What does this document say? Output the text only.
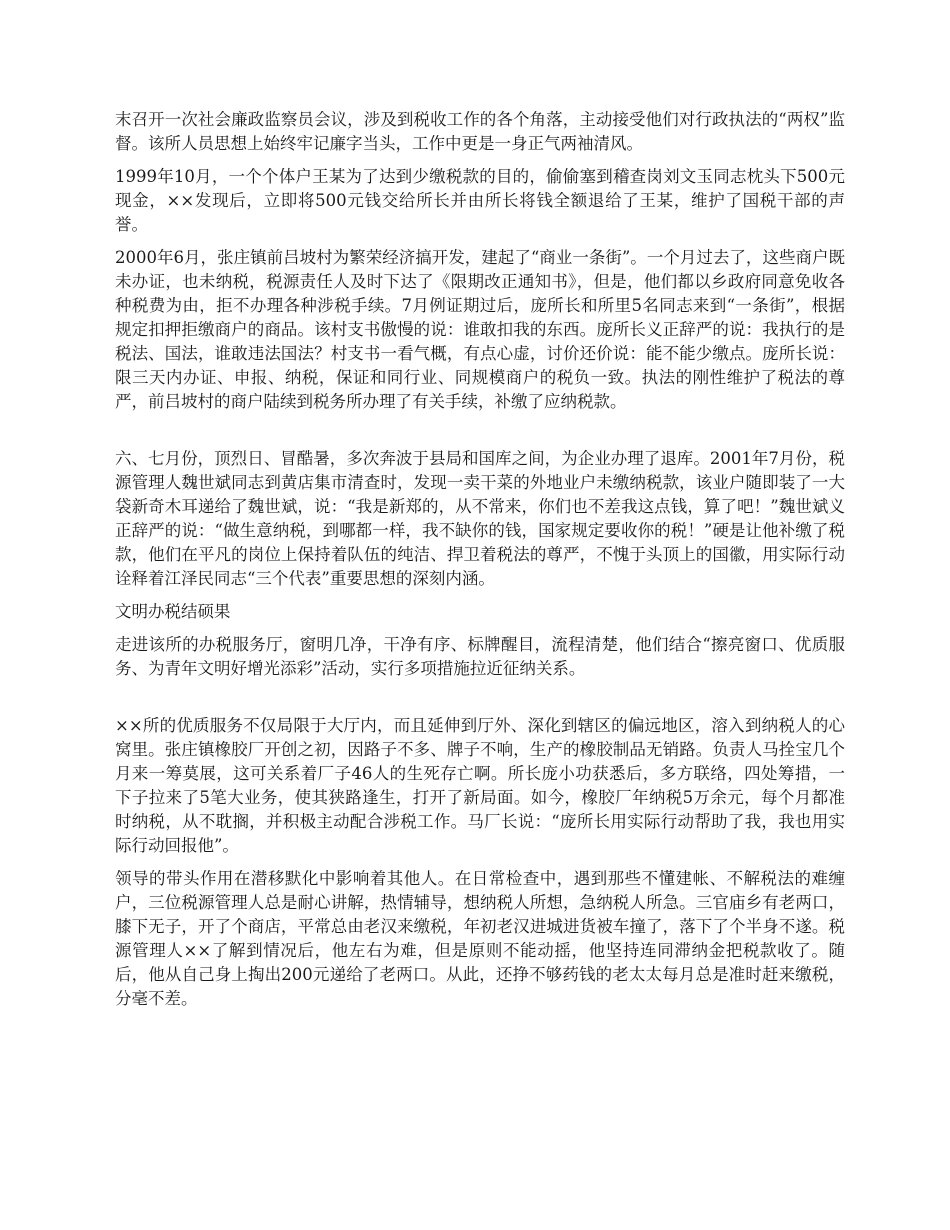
末召开一次社会廉政监察员会议，涉及到税收工作的各个角落，主动接受他们对行政执法的“两权”监督。该所人员思想上始终牢记廉字当头，工作中更是一身正气两袖清风。

1999年10月，一个个体户王某为了达到少缴税款的目的，偷偷塞到稽查岗刘文玉同志枕头下500元现金，××发现后，立即将500元钱交给所长并由所长将钱全额退给了王某，维护了国税干部的声誉。

2000年6月，张庄镇前吕坡村为繁荣经济搞开发，建起了“商业一条街”。一个月过去了，这些商户既未办证，也未纳税，税源责任人及时下达了《限期改正通知书》，但是，他们都以乡政府同意免收各种税费为由，拒不办理各种涉税手续。7月例证期过后，庞所长和所里5名同志来到“一条街”，根据规定扣押拒缴商户的商品。该村支书傲慢的说：谁敢扣我的东西。庞所长义正辞严的说：我执行的是税法、国法，谁敢违法国法？村支书一看气概，有点心虚，讨价还价说：能不能少缴点。庞所长说：限三天内办证、申报、纳税，保证和同行业、同规模商户的税负一致。执法的刚性维护了税法的尊严，前吕坡村的商户陆续到税务所办理了有关手续，补缴了应纳税款。

六、七月份，顶烈日、冒酷暑，多次奔波于县局和国库之间，为企业办理了退库。2001年7月份，税源管理人魏世斌同志到黄店集市清查时，发现一卖干菜的外地业户未缴纳税款，该业户随即装了一大袋新奇木耳递给了魏世斌，说：“我是新郑的，从不常来，你们也不差我这点钱，算了吧！”魏世斌义正辞严的说：“做生意纳税，到哪都一样，我不缺你的钱，国家规定要收你的税！”硬是让他补缴了税款，他们在平凡的岗位上保持着队伍的纯洁、捍卫着税法的尊严，不愧于头顶上的国徽，用实际行动诠释着江泽民同志“三个代表”重要思想的深刻内涵。

文明办税结硕果

走进该所的办税服务厅，窗明几净，干净有序、标牌醒目，流程清楚，他们结合“擦亮窗口、优质服务、为青年文明好增光添彩”活动，实行多项措施拉近征纳关系。

××所的优质服务不仅局限于大厅内，而且延伸到厅外、深化到辖区的偏远地区，溶入到纳税人的心窝里。张庄镇橡胶厂开创之初，因路子不多、牌子不响，生产的橡胶制品无销路。负责人马拴宝几个月来一筹莫展，这可关系着厂子46人的生死存亡啊。所长庞小功获悉后，多方联络，四处筹措，一下子拉来了5笔大业务，使其狭路逢生，打开了新局面。如今，橡胶厂年纳税5万余元，每个月都准时纳税，从不耽搁，并积极主动配合涉税工作。马厂长说：“庞所长用实际行动帮助了我，我也用实际行动回报他”。

领导的带头作用在潜移默化中影响着其他人。在日常检查中，遇到那些不懂建帐、不解税法的难缠户，三位税源管理人总是耐心讲解，热情辅导，想纳税人所想，急纳税人所急。三官庙乡有老两口，膝下无子，开了个商店，平常总由老汉来缴税，年初老汉进城进货被车撞了，落下了个半身不遂。税源管理人××了解到情况后，他左右为难，但是原则不能动摇，他坚持连同滞纳金把税款收了。随后，他从自己身上掏出200元递给了老两口。从此，还挣不够药钱的老太太每月总是准时赶来缴税，分毫不差。
